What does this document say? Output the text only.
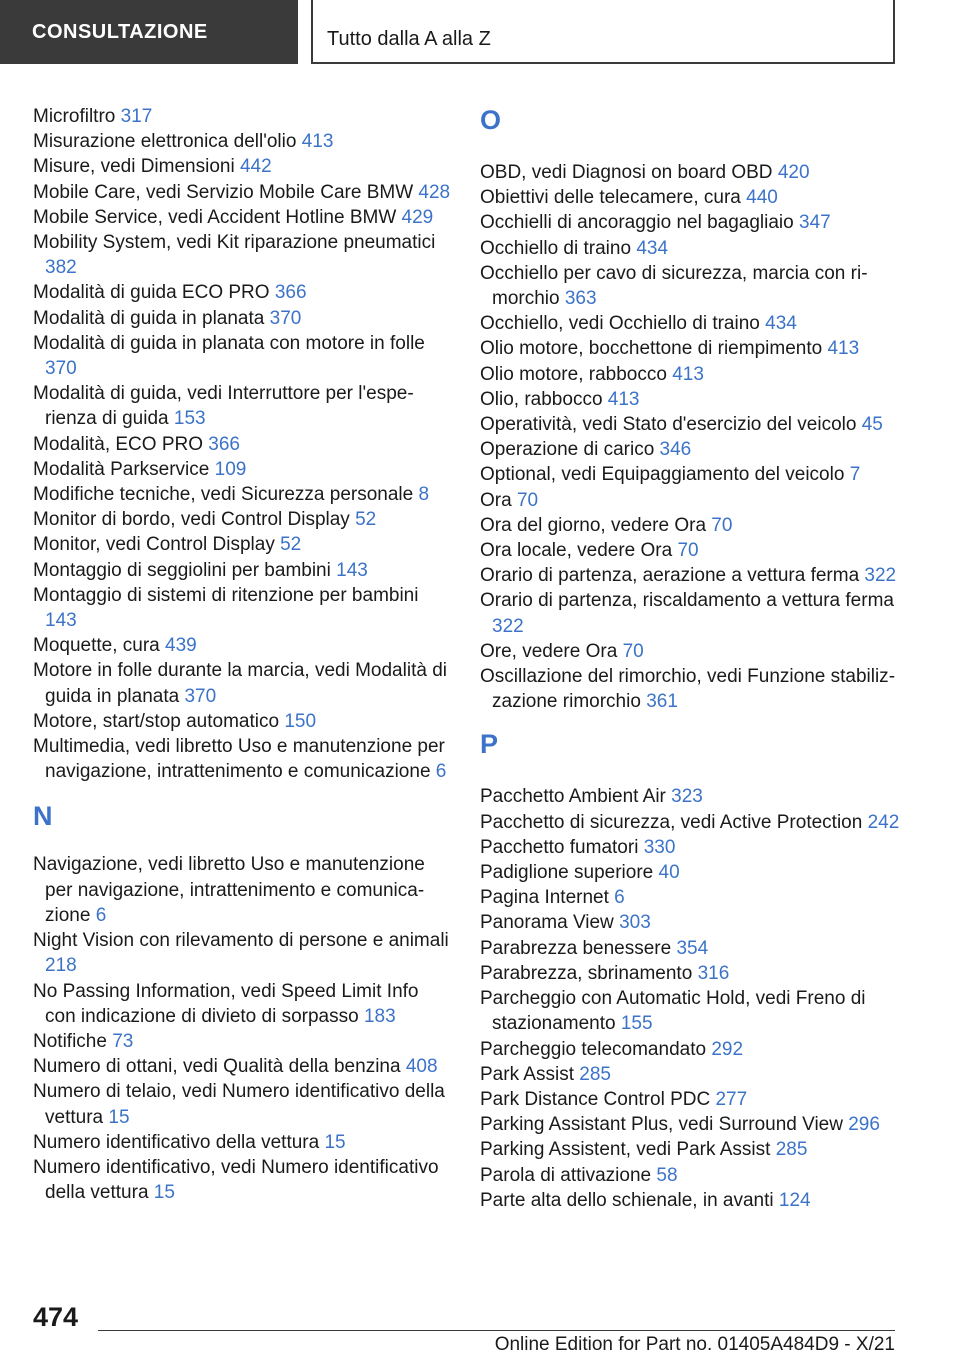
CONSULTAZIONE	Tutto dalla A alla Z
Microfiltro 317
Misurazione elettronica dell'olio 413
Misure, vedi Dimensioni 442
Mobile Care, vedi Servizio Mobile Care BMW 428
Mobile Service, vedi Accident Hotline BMW 429
Mobility System, vedi Kit riparazione pneumatici 382
Modalità di guida ECO PRO 366
Modalità di guida in planata 370
Modalità di guida in planata con motore in folle 370
Modalità di guida, vedi Interruttore per l'esperienza di guida 153
Modalità, ECO PRO 366
Modalità Parkservice 109
Modifiche tecniche, vedi Sicurezza personale 8
Monitor di bordo, vedi Control Display 52
Monitor, vedi Control Display 52
Montaggio di seggiolini per bambini 143
Montaggio di sistemi di ritenzione per bambini 143
Moquette, cura 439
Motore in folle durante la marcia, vedi Modalità di guida in planata 370
Motore, start/stop automatico 150
Multimedia, vedi libretto Uso e manutenzione per navigazione, intrattenimento e comunicazione 6
N
Navigazione, vedi libretto Uso e manutenzione per navigazione, intrattenimento e comunicazione 6
Night Vision con rilevamento di persone e animali 218
No Passing Information, vedi Speed Limit Info con indicazione di divieto di sorpasso 183
Notifiche 73
Numero di ottani, vedi Qualità della benzina 408
Numero di telaio, vedi Numero identificativo della vettura 15
Numero identificativo della vettura 15
Numero identificativo, vedi Numero identificativo della vettura 15
O
OBD, vedi Diagnosi on board OBD 420
Obiettivi delle telecamere, cura 440
Occhielli di ancoraggio nel bagagliaio 347
Occhiello di traino 434
Occhiello per cavo di sicurezza, marcia con rimorchio 363
Occhiello, vedi Occhiello di traino 434
Olio motore, bocchettone di riempimento 413
Olio motore, rabbocco 413
Olio, rabbocco 413
Operatività, vedi Stato d'esercizio del veicolo 45
Operazione di carico 346
Optional, vedi Equipaggiamento del veicolo 7
Ora 70
Ora del giorno, vedere Ora 70
Ora locale, vedere Ora 70
Orario di partenza, aerazione a vettura ferma 322
Orario di partenza, riscaldamento a vettura ferma 322
Ore, vedere Ora 70
Oscillazione del rimorchio, vedi Funzione stabilizzazione rimorchio 361
P
Pacchetto Ambient Air 323
Pacchetto di sicurezza, vedi Active Protection 242
Pacchetto fumatori 330
Padiglione superiore 40
Pagina Internet 6
Panorama View 303
Parabrezza benessere 354
Parabrezza, sbrinamento 316
Parcheggio con Automatic Hold, vedi Freno di stazionamento 155
Parcheggio telecomandato 292
Park Assist 285
Park Distance Control PDC 277
Parking Assistant Plus, vedi Surround View 296
Parking Assistent, vedi Park Assist 285
Parola di attivazione 58
Parte alta dello schienale, in avanti 124
474
Online Edition for Part no. 01405A484D9 - X/21
